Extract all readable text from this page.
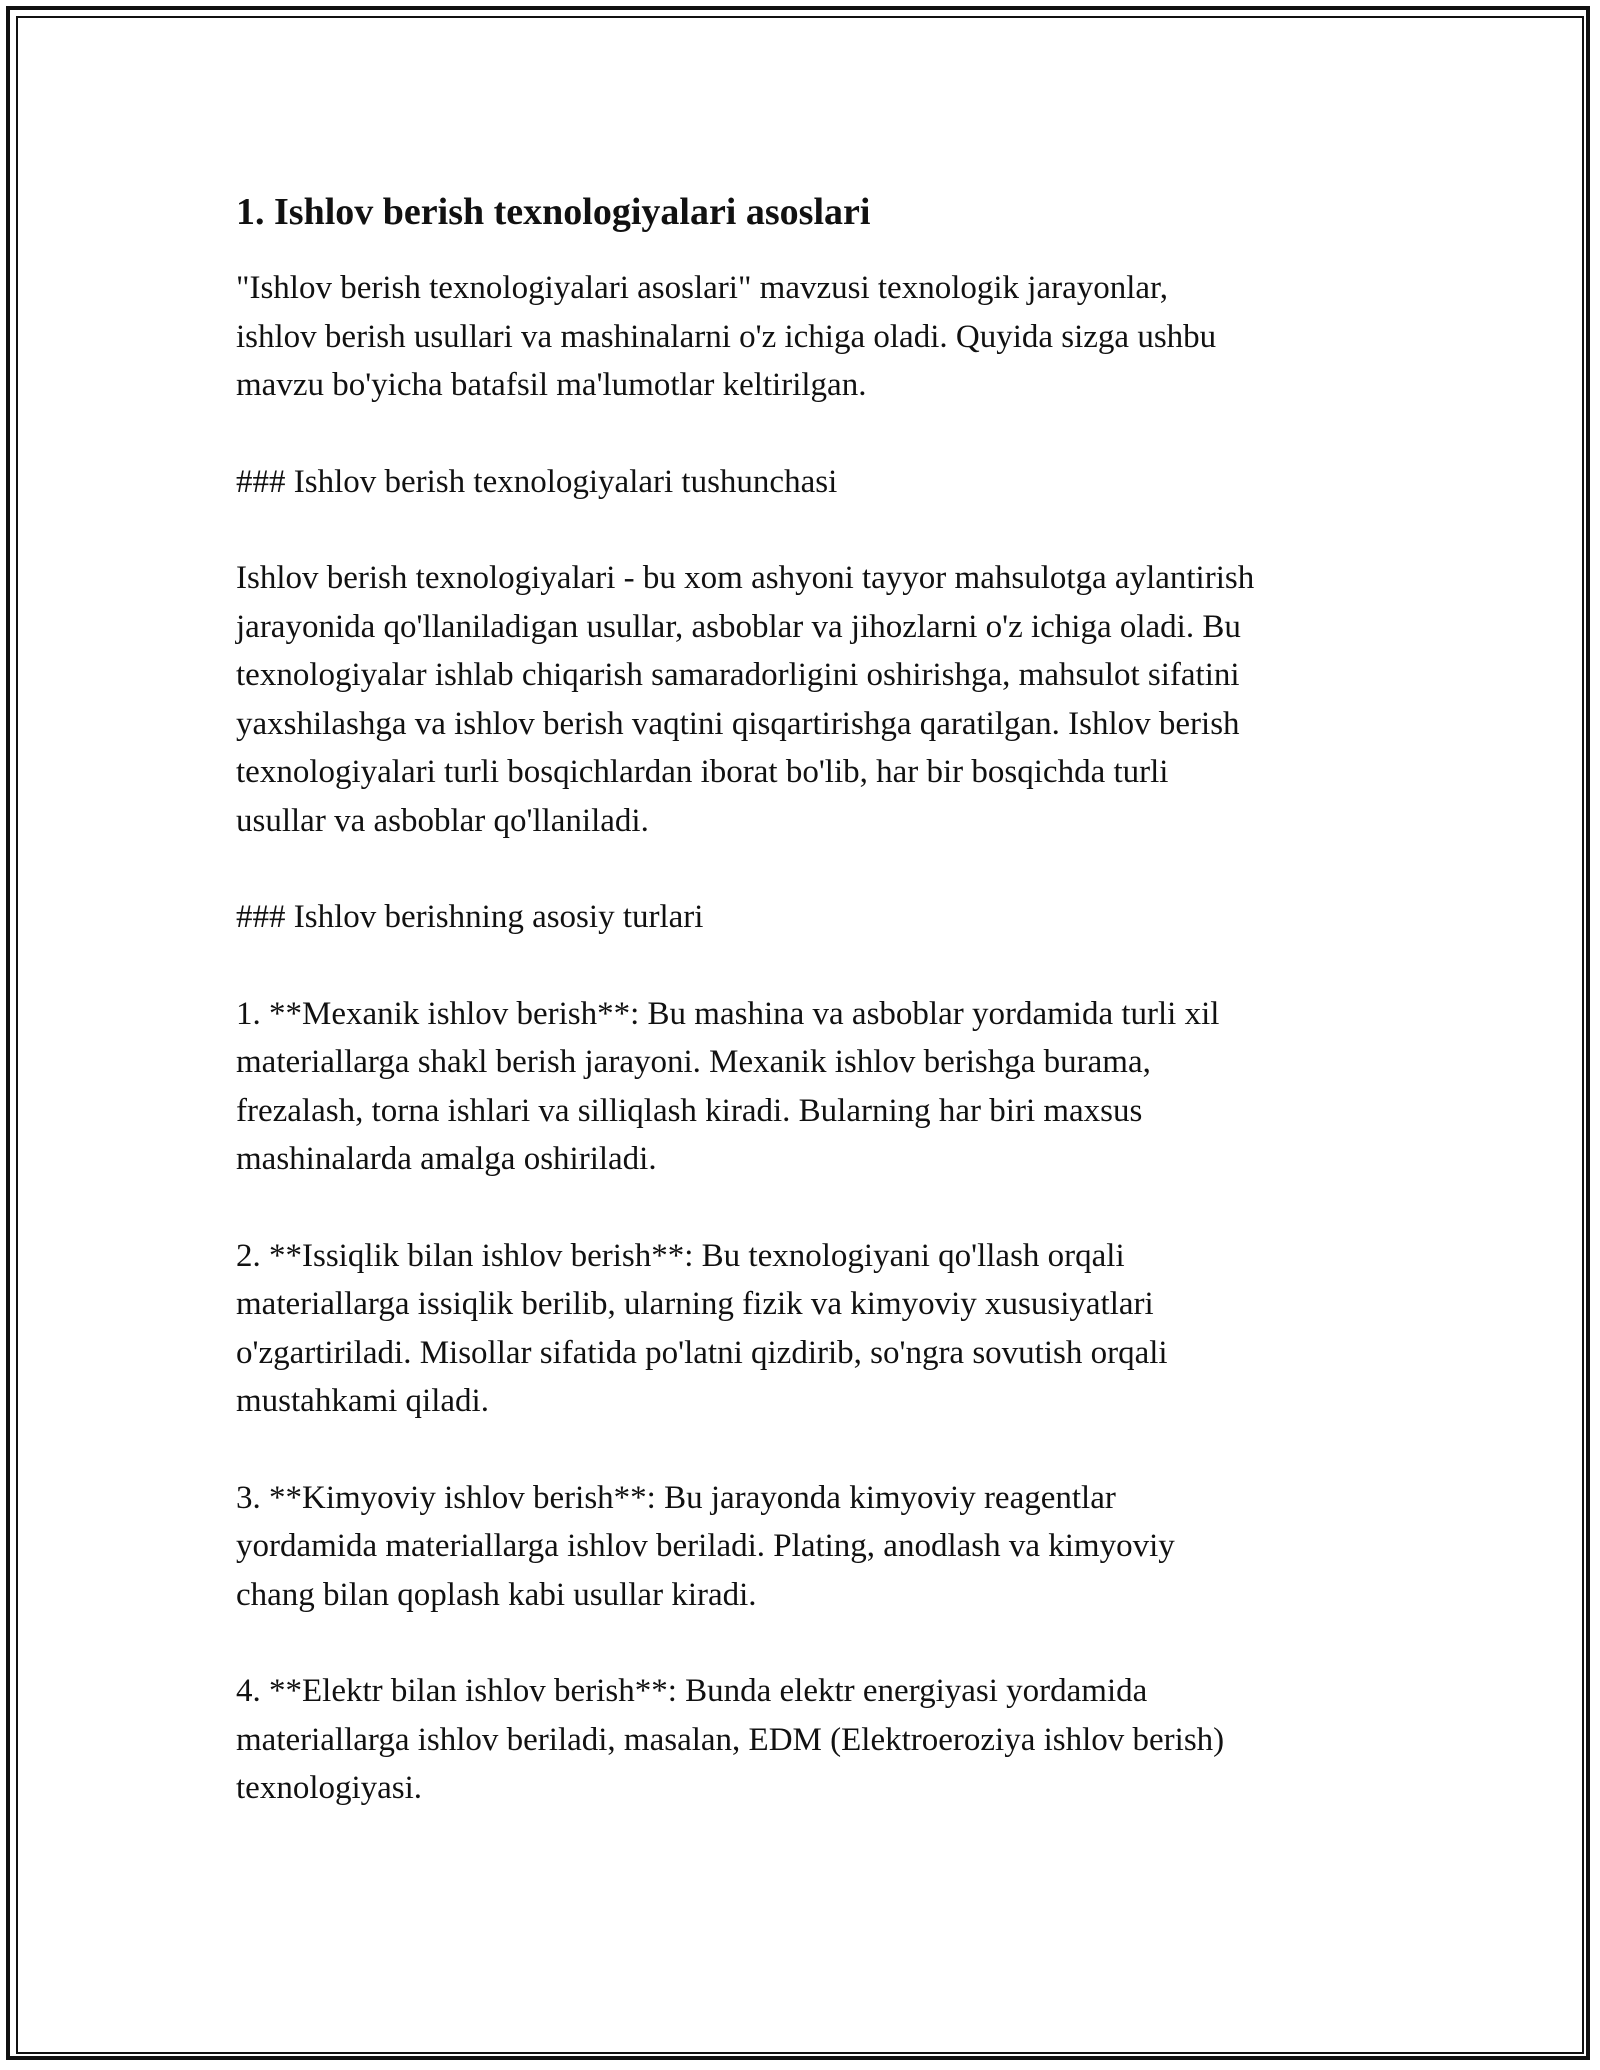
1. Ishlov berish texnologiyalari asoslari

"Ishlov berish texnologiyalari asoslari" mavzusi texnologik jarayonlar,
ishlov berish usullari va mashinalarni o'z ichiga oladi. Quyida sizga ushbu
mavzu bo'yicha batafsil ma'lumotlar keltirilgan.

### Ishlov berish texnologiyalari tushunchasi

Ishlov berish texnologiyalari - bu xom ashyoni tayyor mahsulotga aylantirish
jarayonida qo'llaniladigan usullar, asboblar va jihozlarni o'z ichiga oladi. Bu
texnologiyalar ishlab chiqarish samaradorligini oshirishga, mahsulot sifatini
yaxshilashga va ishlov berish vaqtini qisqartirishga qaratilgan. Ishlov berish
texnologiyalari turli bosqichlardan iborat bo'lib, har bir bosqichda turli
usullar va asboblar qo'llaniladi.

### Ishlov berishning asosiy turlari

1. **Mexanik ishlov berish**: Bu mashina va asboblar yordamida turli xil
materiallarga shakl berish jarayoni. Mexanik ishlov berishga burama,
frezalash, torna ishlari va silliqlash kiradi. Bularning har biri maxsus
mashinalarda amalga oshiriladi.

2. **Issiqlik bilan ishlov berish**: Bu texnologiyani qo'llash orqali
materiallarga issiqlik berilib, ularning fizik va kimyoviy xususiyatlari
o'zgartiriladi. Misollar sifatida po'latni qizdirib, so'ngra sovutish orqali
mustahkami qiladi.

3. **Kimyoviy ishlov berish**: Bu jarayonda kimyoviy reagentlar
yordamida materiallarga ishlov beriladi. Plating, anodlash va kimyoviy
chang bilan qoplash kabi usullar kiradi.

4. **Elektr bilan ishlov berish**: Bunda elektr energiyasi yordamida
materiallarga ishlov beriladi, masalan, EDM (Elektroeroziya ishlov berish)
texnologiyasi.
